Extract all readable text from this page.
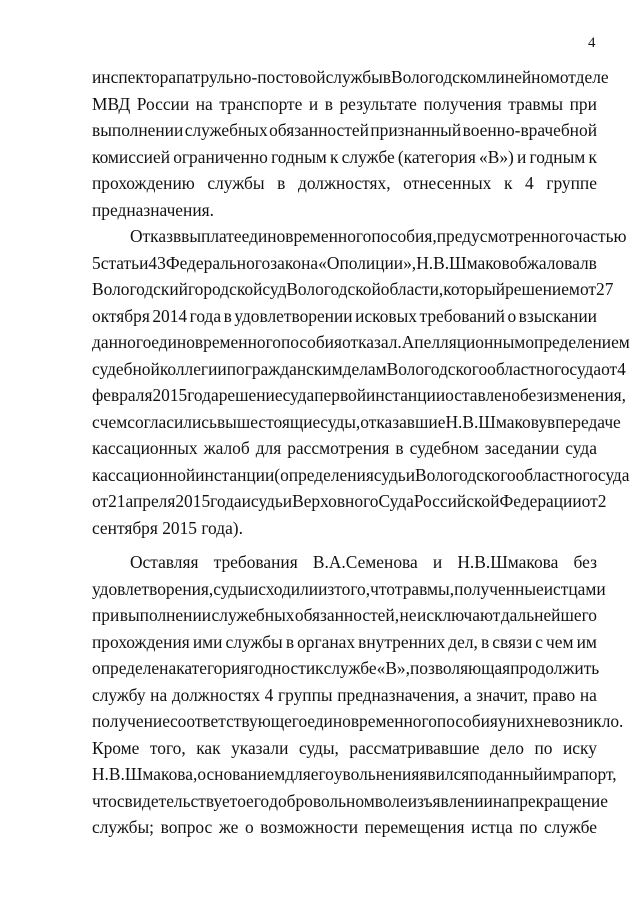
4
инспектора патрульно-постовой службы в Вологодском линейном отделе
МВД России на транспорте и в результате получения травмы при
выполнении служебных обязанностей признанный военно-врачебной
комиссией ограниченно годным к службе (категория «В») и годным к
прохождению службы в должностях, отнесенных к 4 группе
предназначения.
Отказ в выплате единовременного пособия, предусмотренного частью
5 статьи 43 Федерального закона «О полиции», Н.В.Шмаков обжаловал в
Вологодский городской суд Вологодской области, который решением от 27
октября 2014 года в удовлетворении исковых требований о взыскании
данного единовременного пособия отказал. Апелляционным определением
судебной коллегии по гражданским делам Вологодского областного суда от 4
февраля 2015 года решение суда первой инстанции оставлено без изменения,
с чем согласились вышестоящие суды, отказавшие Н.В.Шмакову в передаче
кассационных жалоб для рассмотрения в судебном заседании суда
кассационной инстанции (определения судьи Вологодского областного суда
от 21 апреля 2015 года и судьи Верховного Суда Российской Федерации от 2
сентября 2015 года).
Оставляя требования В.А.Семенова и Н.В.Шмакова без
удовлетворения, суды исходили из того, что травмы, полученные истцами
при выполнении служебных обязанностей, не исключают дальнейшего
прохождения ими службы в органах внутренних дел, в связи с чем им
определена категория годности к службе «В», позволяющая продолжить
службу на должностях 4 группы предназначения, а значит, право на
получение соответствующего единовременного пособия у них не возникло.
Кроме того, как указали суды, рассматривавшие дело по иску
Н.В.Шмакова, основанием для его увольнения явился поданный им рапорт,
что свидетельствует о его добровольном волеизъявлении на прекращение
службы; вопрос же о возможности перемещения истца по службе
